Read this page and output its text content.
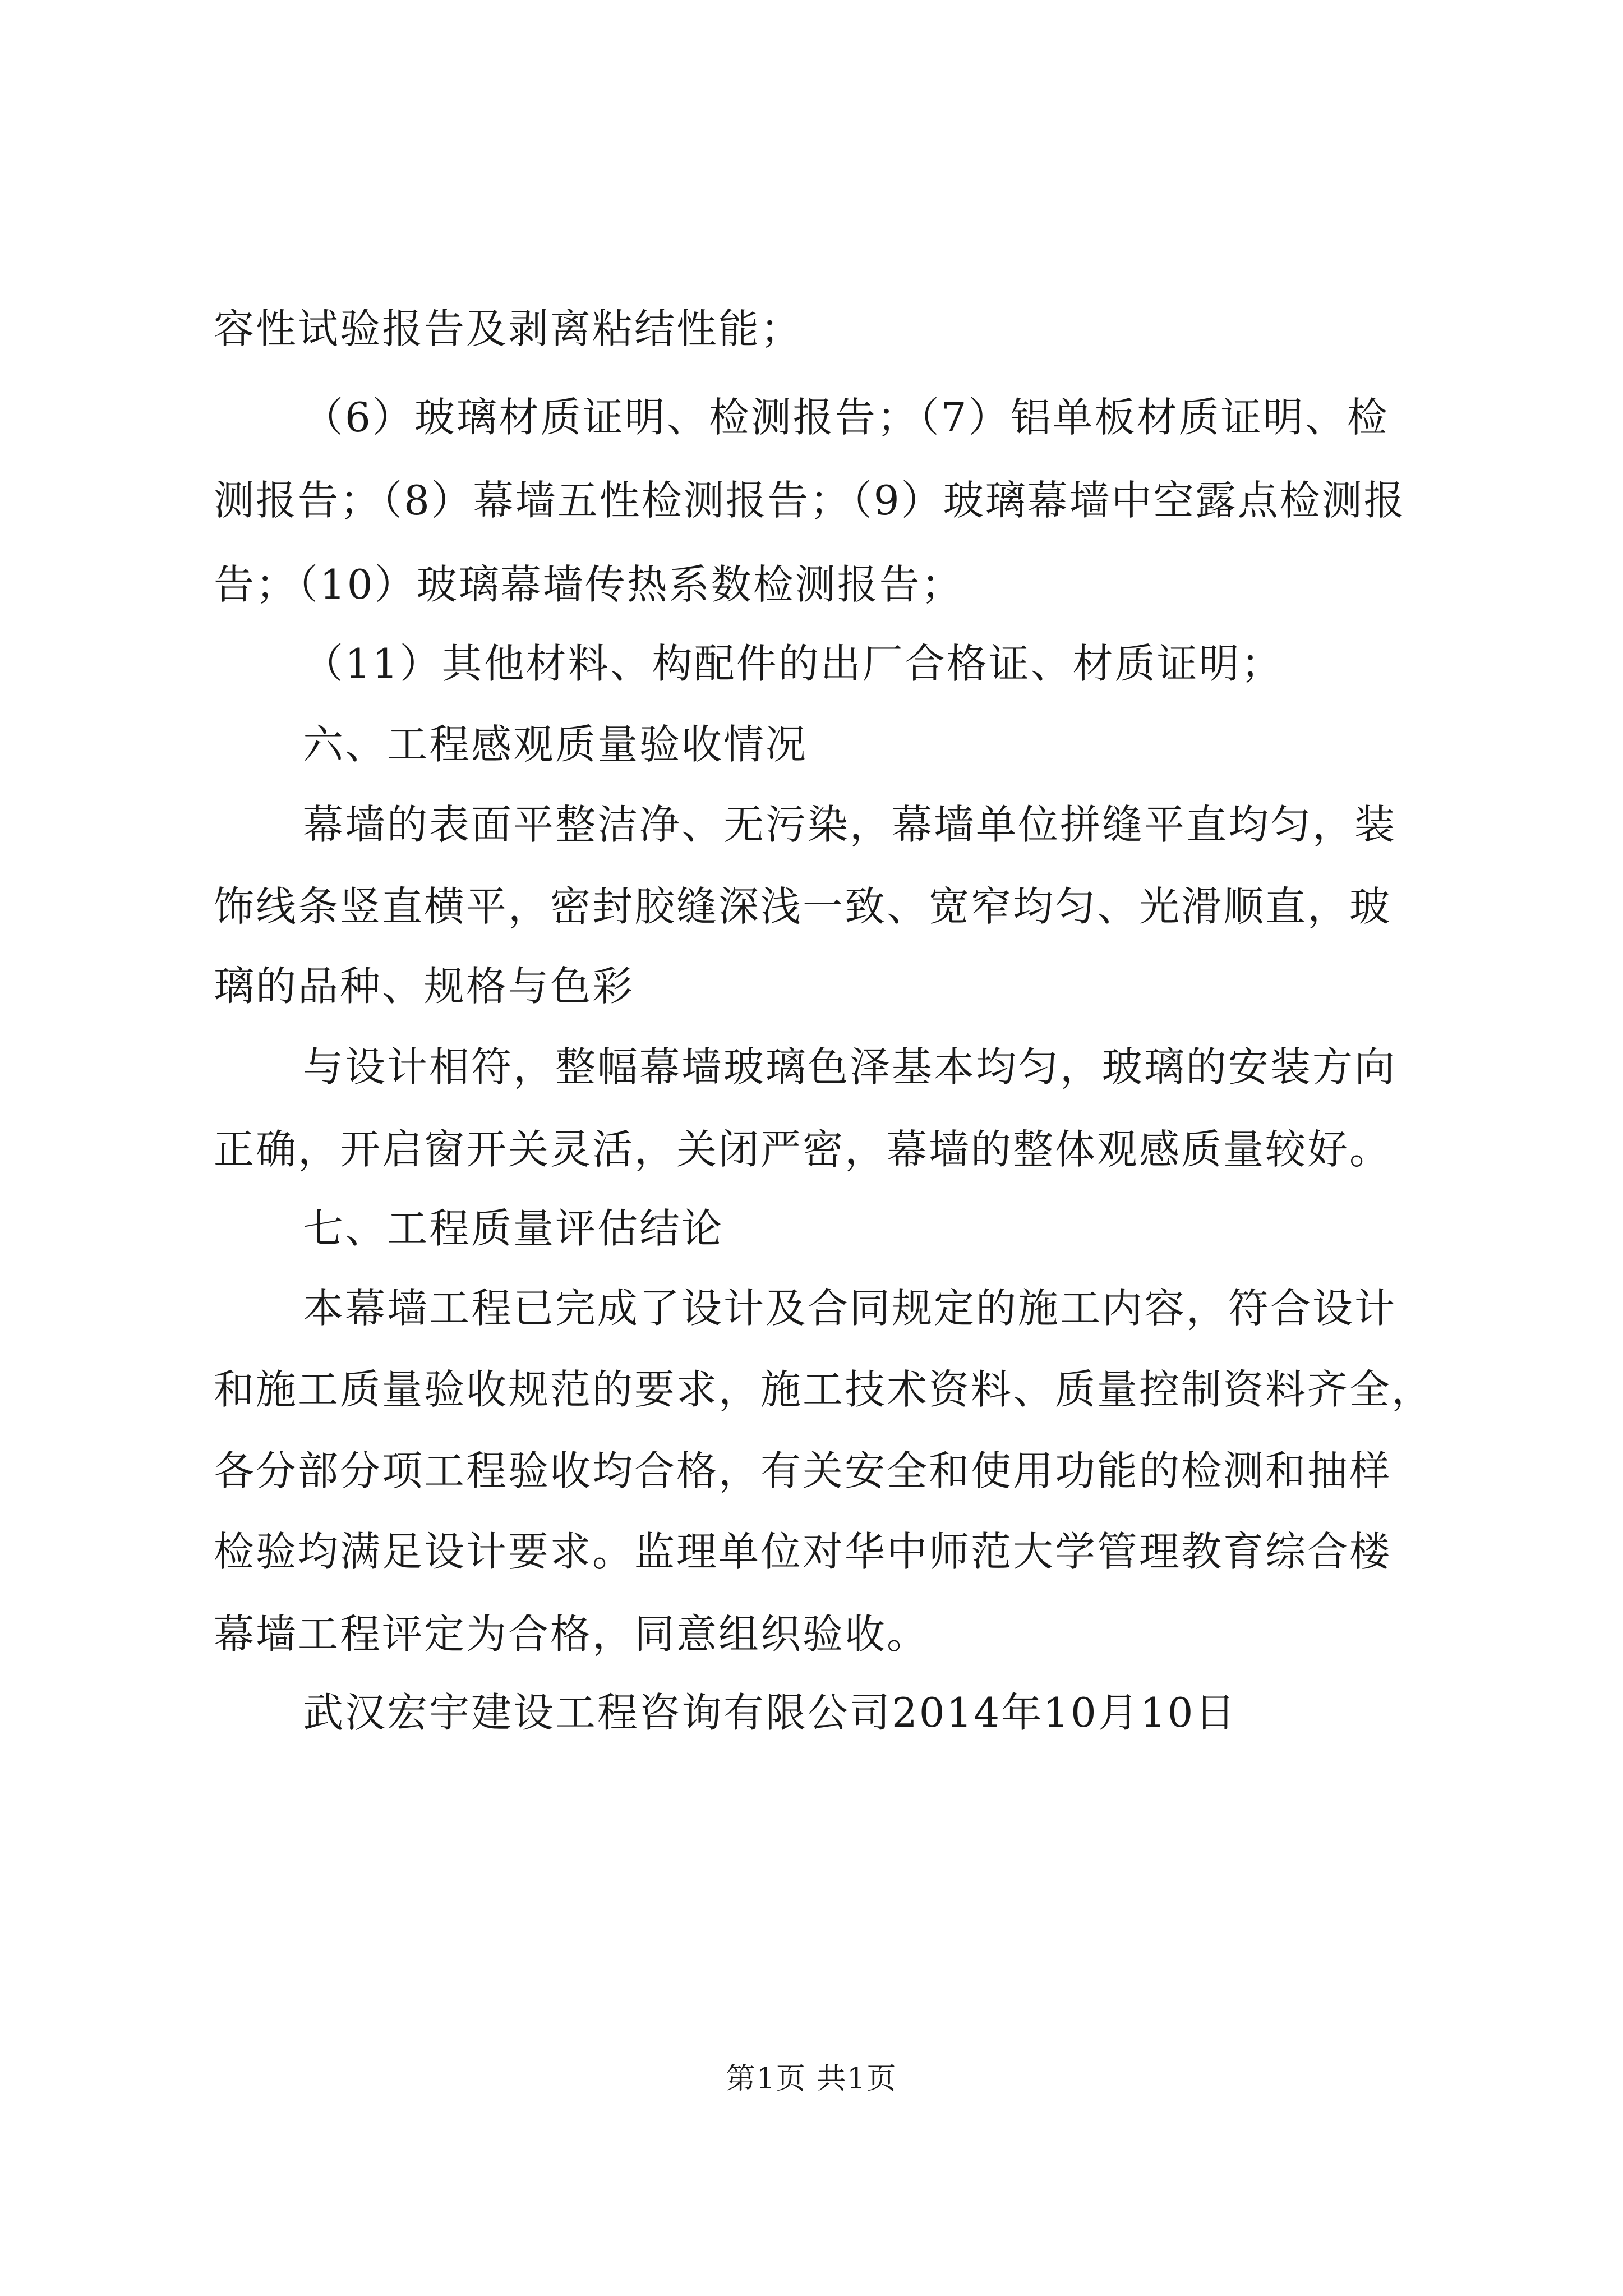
容性试验报告及剥离粘结性能；
（6）玻璃材质证明、检测报告；（7）铝单板材质证明、检
测报告；（8）幕墙五性检测报告；（9）玻璃幕墙中空露点检测报
告；（10）玻璃幕墙传热系数检测报告；
（11）其他材料、构配件的出厂合格证、材质证明；
六、工程感观质量验收情况
幕墙的表面平整洁净、无污染，幕墙单位拼缝平直均匀，装
饰线条竖直横平，密封胶缝深浅一致、宽窄均匀、光滑顺直，玻
璃的品种、规格与色彩
与设计相符，整幅幕墙玻璃色泽基本均匀，玻璃的安装方向
正确，开启窗开关灵活，关闭严密，幕墙的整体观感质量较好。
七、工程质量评估结论
本幕墙工程已完成了设计及合同规定的施工内容，符合设计
和施工质量验收规范的要求，施工技术资料、质量控制资料齐全，
各分部分项工程验收均合格，有关安全和使用功能的检测和抽样
检验均满足设计要求。监理单位对华中师范大学管理教育综合楼
幕墙工程评定为合格，同意组织验收。
武汉宏宇建设工程咨询有限公司2014年10月10日
第1页 共1页
